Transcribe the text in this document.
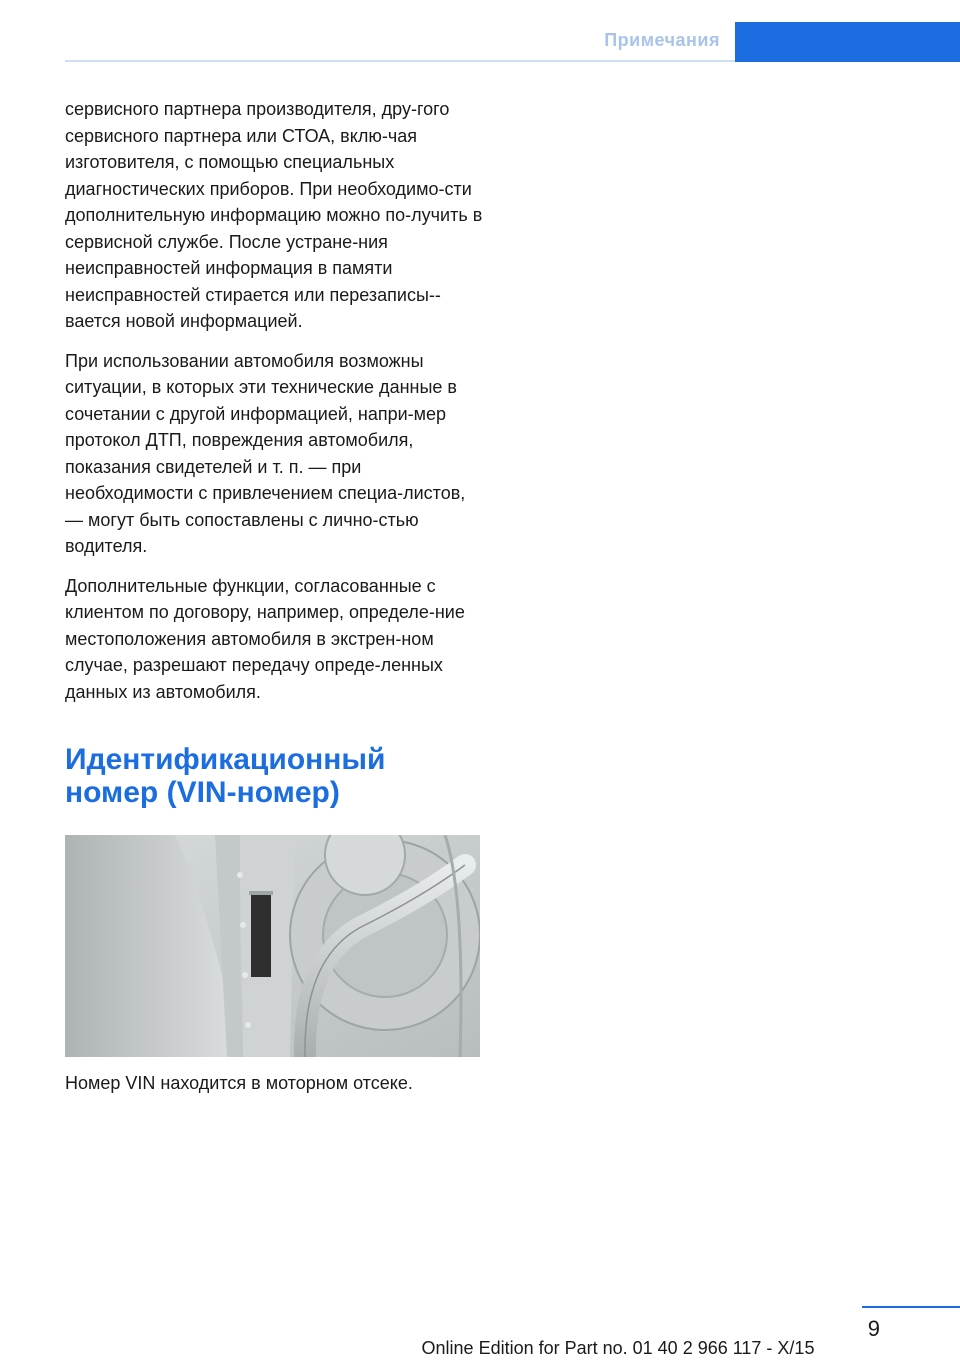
Примечания

сервисного партнера производителя, дру-гого сервисного партнера или СТОА, вклю-чая изготовителя, с помощью специальных диагностических приборов. При необходимо-сти дополнительную информацию можно по-лучить в сервисной службе. После устране-ния неисправностей информация в памяти неисправностей стирается или перезаписы-вается новой информацией.

При использовании автомобиля возможны ситуации, в которых эти технические данные в сочетании с другой информацией, напри-мер протокол ДТП, повреждения автомобиля, показания свидетелей и т. п. — при необходимости с привлечением специа-листов, — могут быть сопоставлены с лично-стью водителя.

Дополнительные функции, согласованные с клиентом по договору, например, определе-ние местоположения автомобиля в экстрен-ном случае, разрешают передачу опреде-ленных данных из автомобиля.

Идентификационный номер (VIN-номер)
Номер VIN находится в моторном отсеке.
9
Online Edition for Part no. 01 40 2 966 117 - X/15
